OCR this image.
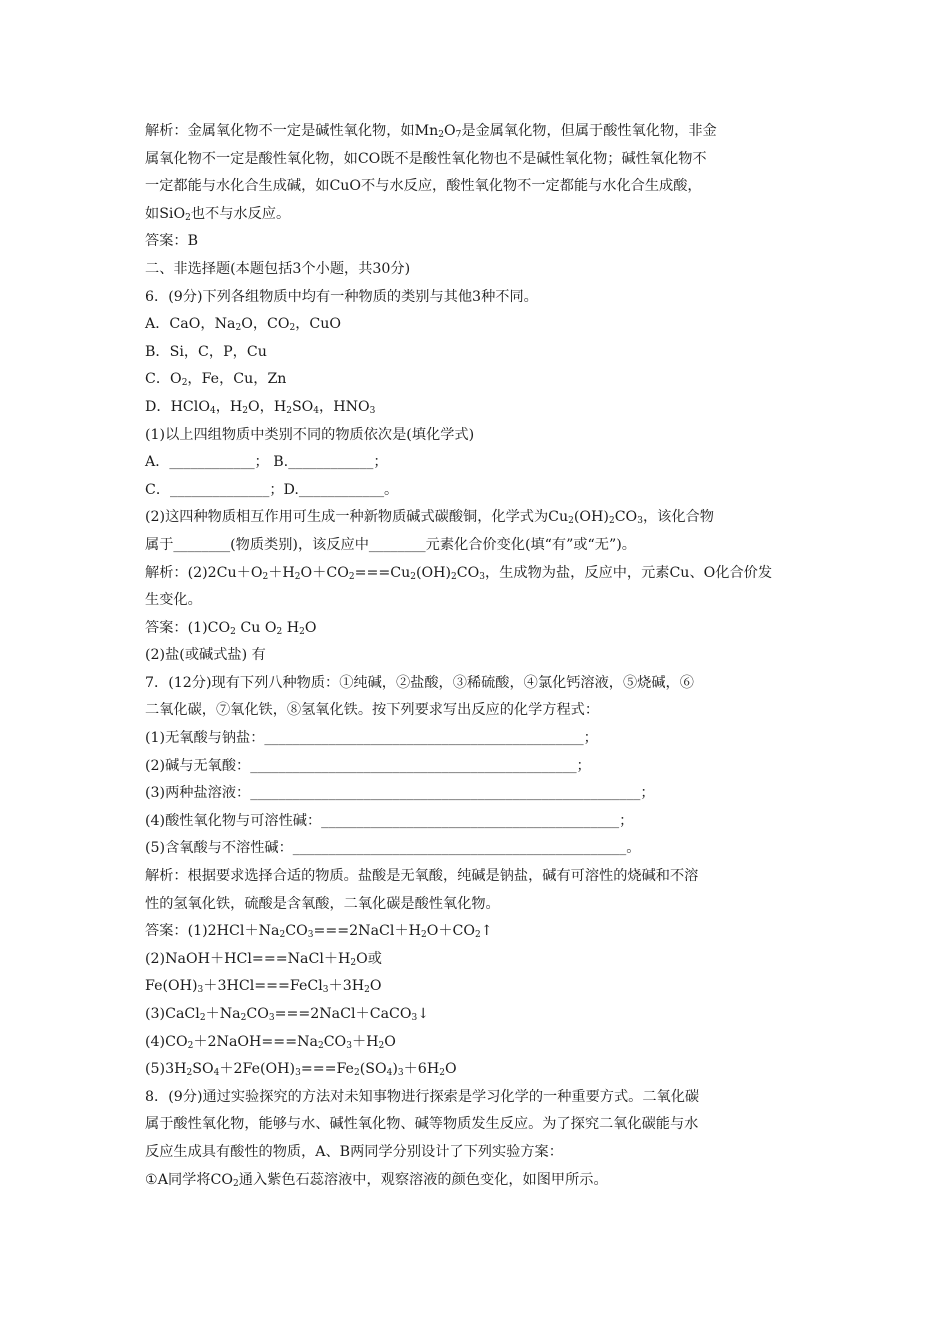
解析：金属氧化物不一定是碱性氧化物，如$Mn_2O_7$是金属氧化物，但属于酸性氧化物，非金
属氧化物不一定是酸性氧化物，如CO既不是酸性氧化物也不是碱性氧化物；碱性氧化物不
一定都能与水化合生成碱，如CuO不与水反应，酸性氧化物不一定都能与水化合生成酸，
如SiO$_2$也不与水反应。
答案：B
二、非选择题(本题包括3个小题，共30分)
6．(9分)下列各组物质中均有一种物质的类别与其他3种不同。
A．CaO，$Na_2O$，$CO_2$，CuO
B．Si，C，P，Cu
C．$O_2$，Fe，Cu，Zn
D．HClO$_4$，$H_2O$，$H_2SO_4$，$HNO_3$
(1)以上四组物质中类别不同的物质依次是(填化学式)
A．____________； B.____________；
C．______________；D.____________。
(2)这四种物质相互作用可生成一种新物质碱式碳酸铜，化学式为$Cu_2(OH)_2CO_3$，该化合物
属于________(物质类别)，该反应中________元素化合价变化(填“有”或“无”)。
解析：$(2)2Cu+O_2+H_2O+CO_2===Cu_2(OH)_2CO_3$，生成物为盐，反应中，元素Cu、O化合价发
生变化。
答案：$(1)CO_2$ Cu $O_2$ $H_2O$
(2)盐(或碱式盐) 有
7．(12分)现有下列八种物质：①纯碱，②盐酸，③稀硫酸，④氯化钙溶液，⑤烧碱，⑥
二氧化碳，⑦氧化铁，⑧氢氧化铁。按下列要求写出反应的化学方程式：
(1)无氧酸与钠盐：_____________________________________________；
(2)碱与无氧酸：______________________________________________；
(3)两种盐溶液：_______________________________________________________；
(4)酸性氧化物与可溶性碱：__________________________________________；
(5)含氧酸与不溶性碱：_______________________________________________。
解析：根据要求选择合适的物质。盐酸是无氧酸，纯碱是钠盐，碱有可溶性的烧碱和不溶
性的氢氧化铁，硫酸是含氧酸，二氧化碳是酸性氧化物。
答案：$(1)2HCl+Na_2CO_3===2NaCl+H_2O+CO_2↑$
$(2)NaOH+HCl===NaCl+H_2O$或
$Fe(OH)_3+3HCl===FeCl_3+3H_2O$
$(3)CaCl_2+Na_2CO_3===2NaCl+CaCO_3↓$
$(4)CO_2+2NaOH===Na_2CO_3+H_2O$
$(5)3H_2SO_4+2Fe(OH)_3===Fe_2(SO_4)_3+6H_2O$
8．(9分)通过实验探究的方法对未知事物进行探索是学习化学的一种重要方式。二氧化碳
属于酸性氧化物，能够与水、碱性氧化物、碱等物质发生反应。为了探究二氧化碳能与水
反应生成具有酸性的物质，A、B两同学分别设计了下列实验方案：
①A同学将$CO_2$通入紫色石蕊溶液中，观察溶液的颜色变化，如图甲所示。
